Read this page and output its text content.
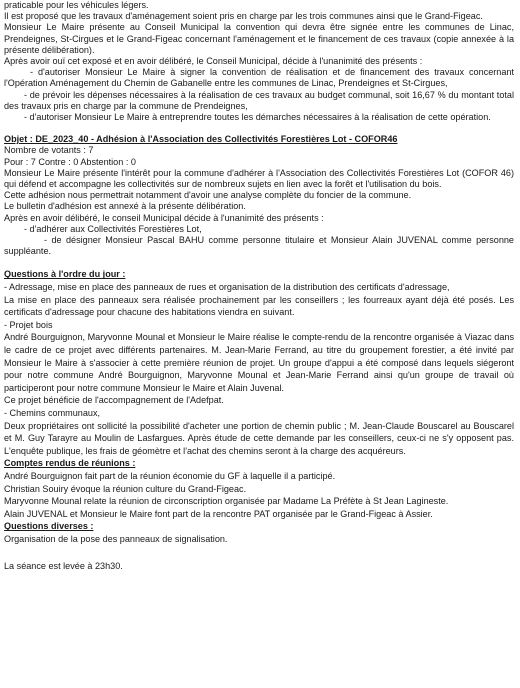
praticable pour les véhicules légers.

Il est proposé que les travaux d'aménagement soient pris en charge par les trois communes ainsi que le Grand-Figeac.

Monsieur Le Maire présente au Conseil Municipal la convention qui devra être signée entre les communes de Linac, Prendeignes, St-Cirgues et le Grand-Figeac concernant l'aménagement et le financement de ces travaux (copie annexée à la présente délibération).

Après avoir ouï cet exposé et en avoir délibéré, le Conseil Municipal, décide à l'unanimité des présents :

- d'autoriser Monsieur Le Maire à signer la convention de réalisation et de financement des travaux concernant l'Opération Aménagement du Chemin de Gabanelle entre les communes de Linac, Prendeignes et St-Cirgues,

- de prévoir les dépenses nécessaires à la réalisation de ces travaux au budget communal, soit 16,67 % du montant total des travaux pris en charge par la commune de Prendeignes,

- d'autoriser Monsieur Le Maire à entreprendre toutes les démarches nécessaires à la réalisation de cette opération.

Objet : DE_2023_40 - Adhésion à l'Association des Collectivités Forestières Lot - COFOR46

Nombre de votants : 7

Pour : 7 Contre : 0 Abstention : 0

Monsieur Le Maire présente l'intérêt pour la commune d'adhérer à l'Association des Collectivités Forestières Lot (COFOR 46) qui défend et accompagne les collectivités sur de nombreux sujets en lien avec la forêt et l'utilisation du bois.

Cette adhésion nous permettrait notamment d'avoir une analyse complète du foncier de la commune.

Le bulletin d'adhésion est annexé à la présente délibération.

Après en avoir délibéré, le conseil Municipal décide à l'unanimité des présents :

- d'adhérer aux Collectivités Forestières Lot,

- de désigner Monsieur Pascal BAHU comme personne titulaire et Monsieur Alain JUVENAL comme personne suppléante.

Questions à l'ordre du jour :

- Adressage, mise en place des panneaux de rues et organisation de la distribution des certificats d'adressage,

La mise en place des panneaux sera réalisée prochainement par les conseillers ; les fourreaux ayant déjà été posés. Les certificats d'adressage pour chacune des habitations viendra en suivant.

- Projet bois

André Bourguignon, Maryvonne Mounal et Monsieur le Maire réalise le compte-rendu de la rencontre organisée à Viazac dans le cadre de ce projet avec différents partenaires. M. Jean-Marie Ferrand, au titre du groupement forestier, a été invité par Monsieur le Maire à s'associer à cette première réunion de projet. Un groupe d'appui a été composé dans lequels siégeront pour notre commune André Bourguignon, Maryvonne Mounal et Jean-Marie Ferrand ainsi qu'un groupe de travail où participeront pour notre commune Monsieur le Maire et Alain Juvenal.

Ce projet bénéficie de l'accompagnement de l'Adefpat.

- Chemins communaux,

Deux propriétaires ont sollicité la possibilité d'acheter une portion de chemin public ; M. Jean-Claude Bouscarel au Bouscarel et M. Guy Tarayre au Moulin de Lasfargues. Après étude de cette demande par les conseillers, ceux-ci ne s'y opposent pas. L'enquête publique, les frais de géomètre et l'achat des chemins seront à la charge des acquéreurs.

Comptes rendus de réunions :

André Bourguignon fait part de la réunion économie du GF à laquelle il a participé.

Christian Souiry évoque la réunion culture du Grand-Figeac.

Maryvonne Mounal relate la réunion de circonscription organisée par Madame La Préfète à St Jean Lagineste.

Alain JUVENAL et Monsieur le Maire font part de la rencontre PAT organisée par le Grand-Figeac à Assier.

Questions diverses :

Organisation de la pose des panneaux de signalisation.

La séance est levée à 23h30.
